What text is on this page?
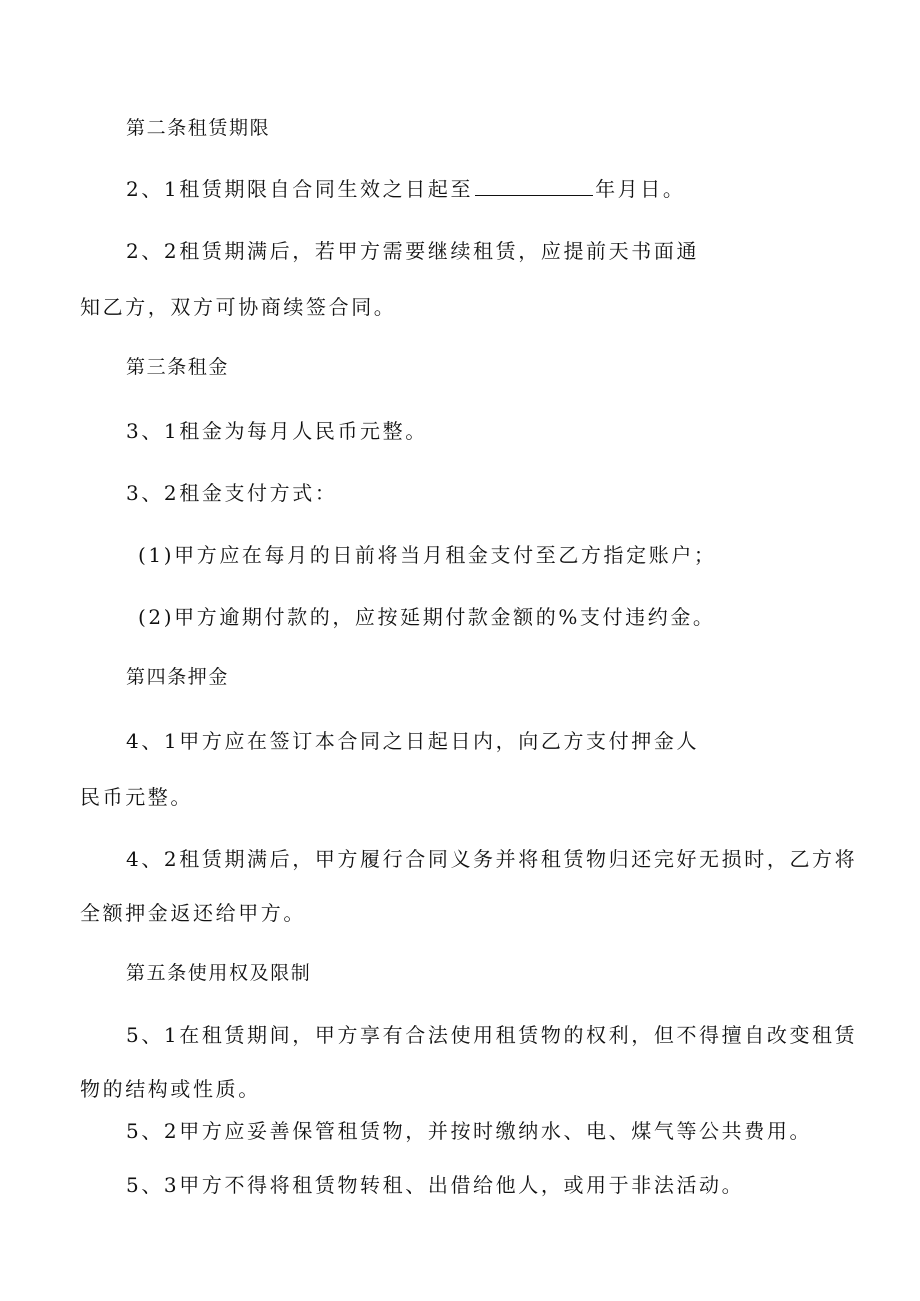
第二条租赁期限
2、1租赁期限自合同生效之日起至	年月日。
2、2租赁期满后，若甲方需要继续租赁，应提前天书面通
知乙方，双方可协商续签合同。
第三条租金
3、1租金为每月人民币元整。
3、2租金支付方式：
(1)甲方应在每月的日前将当月租金支付至乙方指定账户；
(2)甲方逾期付款的，应按延期付款金额的%支付违约金。
第四条押金
4、1甲方应在签订本合同之日起日内，向乙方支付押金人
民币元整。
4、2租赁期满后，甲方履行合同义务并将租赁物归还完好无损时，乙方将
全额押金返还给甲方。
第五条使用权及限制
5、1在租赁期间，甲方享有合法使用租赁物的权利，但不得擅自改变租赁
物的结构或性质。
5、2甲方应妥善保管租赁物，并按时缴纳水、电、煤气等公共费用。
5、3甲方不得将租赁物转租、出借给他人，或用于非法活动。
